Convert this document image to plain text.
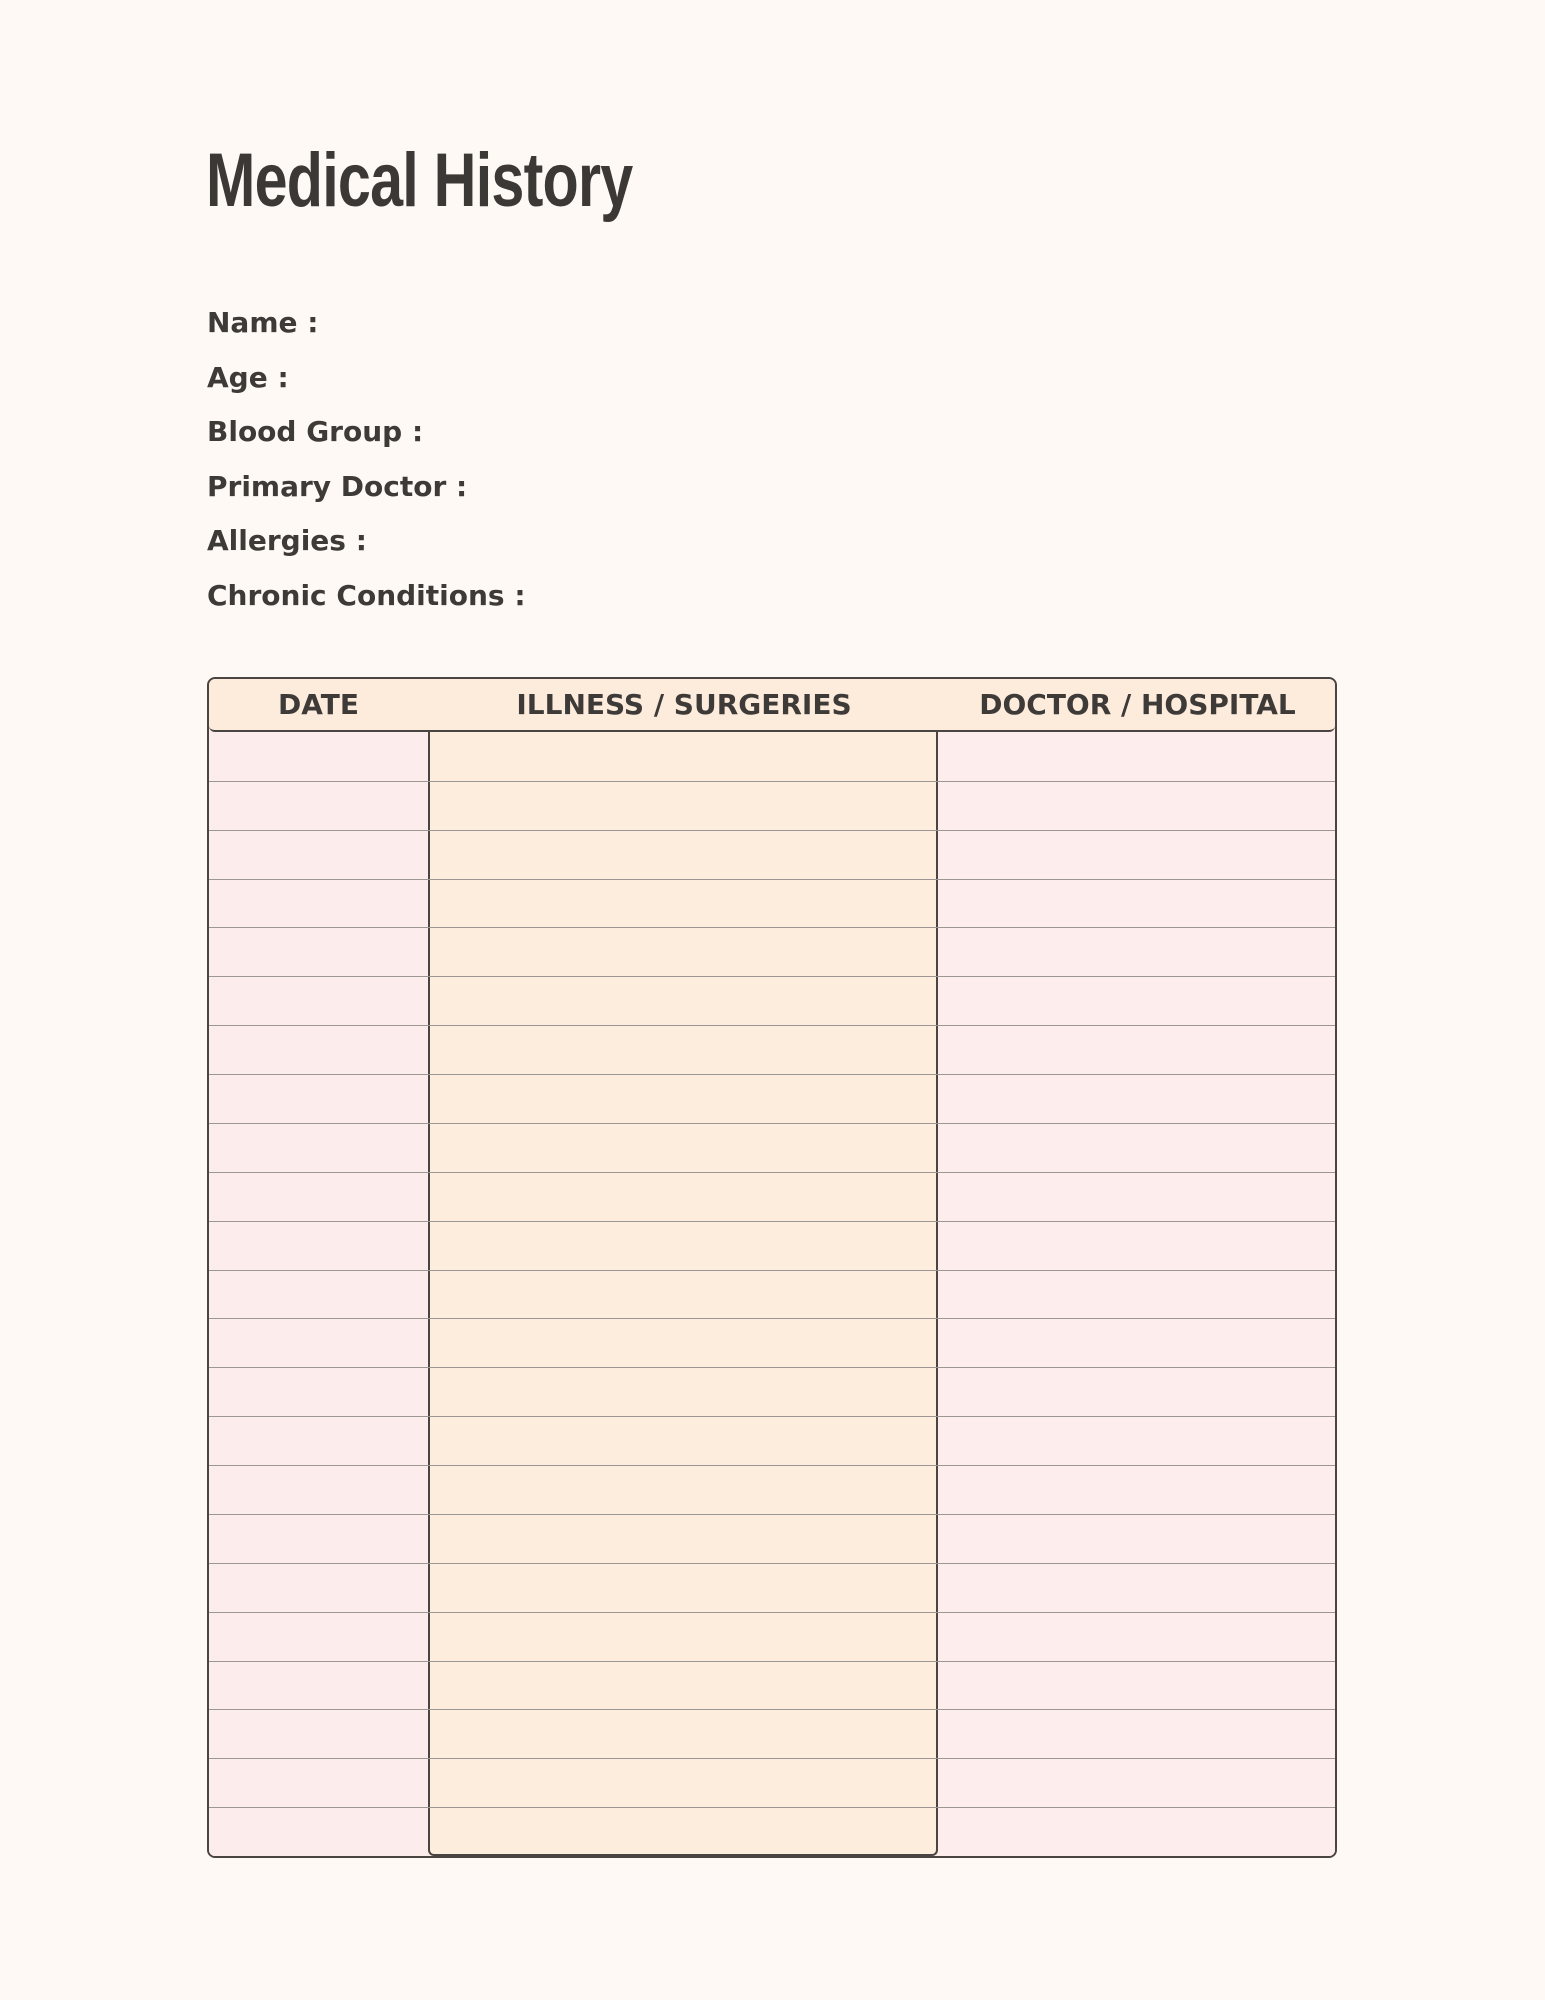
Medical History
Name :
Age :
Blood Group :
Primary Doctor :
Allergies :
Chronic Conditions :
DATE	ILLNESS / SURGERIES	DOCTOR / HOSPITAL
